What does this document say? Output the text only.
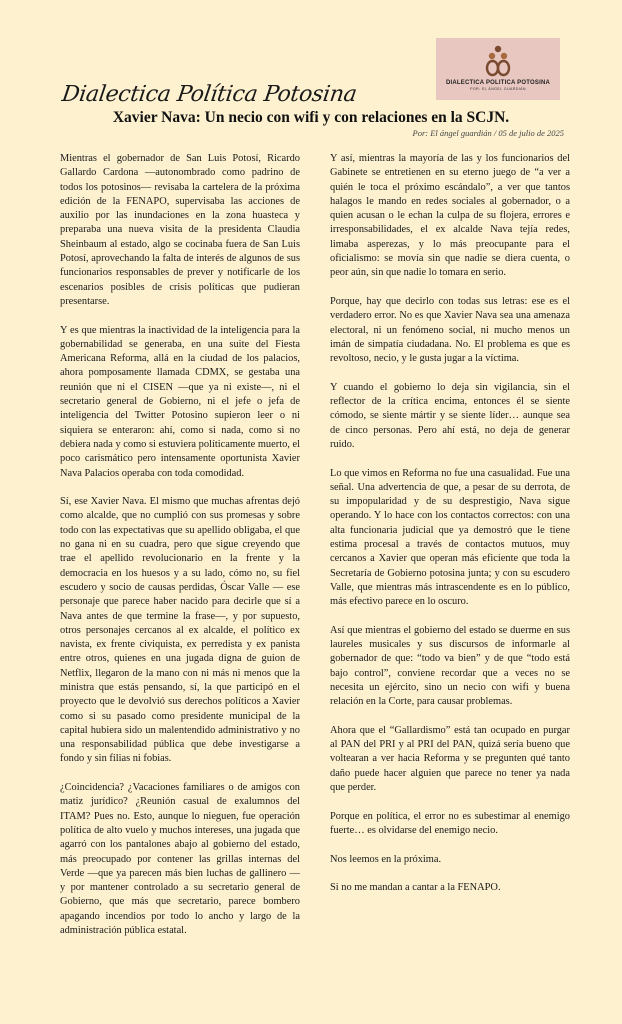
Dialectica Política Potosina	DIALECTICA POLITICA POTOSINA
POR: EL ÁNGEL GUARDIÁN
Xavier Nava: Un necio con wifi y con relaciones en la SCJN.
Por: El ángel guardián / 05 de julio de 2025

Mientras el gobernador de San Luis Potosí, Ricardo Gallardo Cardona —autonombrado como padrino de todos los potosinos— revisaba la cartelera de la próxima edición de la FENAPO, supervisaba las acciones de auxilio por las inundaciones en la zona huasteca y preparaba una nueva visita de la presidenta Claudia Sheinbaum al estado, algo se cocinaba fuera de San Luis Potosí, aprovechando la falta de interés de algunos de sus funcionarios responsables de prever y notificarle de los escenarios posibles de crisis políticas que pudieran presentarse.

Y es que mientras la inactividad de la inteligencia para la gobernabilidad se generaba, en una suite del Fiesta Americana Reforma, allá en la ciudad de los palacios, ahora pomposamente llamada CDMX, se gestaba una reunión que ni el CISEN —que ya ni existe—, ni el secretario general de Gobierno, ni el jefe o jefa de inteligencia del Twitter Potosino supieron leer o ni siquiera se enteraron: ahí, como si nada, como si no debiera nada y como si estuviera políticamente muerto, el poco carismático pero intensamente oportunista Xavier Nava Palacios operaba con toda comodidad.

Sí, ese Xavier Nava. El mismo que muchas afrentas dejó como alcalde, que no cumplió con sus promesas y sobre todo con las expectativas que su apellido obligaba, el que no gana ni en su cuadra, pero que sigue creyendo que trae el apellido revolucionario en la frente y la democracia en los huesos y a su lado, cómo no, su fiel escudero y socio de causas perdidas, Óscar Valle — ese personaje que parece haber nacido para decirle que sí a Nava antes de que termine la frase—, y por supuesto, otros personajes cercanos al ex alcalde, el político ex navista, ex frente civiquista, ex perredista y ex panista entre otros, quienes en una jugada digna de guion de Netflix, llegaron de la mano con ni más ni menos que la ministra que estás pensando, sí, la que participó en el proyecto que le devolvió sus derechos políticos a Xavier como si su pasado como presidente municipal de la capital hubiera sido un malentendido administrativo y no una responsabilidad pública que debe investigarse a fondo y sin filias ni fobias.

¿Coincidencia? ¿Vacaciones familiares o de amigos con matiz jurídico? ¿Reunión casual de exalumnos del ITAM? Pues no. Esto, aunque lo nieguen, fue operación política de alto vuelo y muchos intereses, una jugada que agarró con los pantalones abajo al gobierno del estado, más preocupado por contener las grillas internas del Verde —que ya parecen más bien luchas de gallinero — y por mantener controlado a su secretario general de Gobierno, que más que secretario, parece bombero apagando incendios por todo lo ancho y largo de la administración pública estatal.

Y así, mientras la mayoría de las y los funcionarios del Gabinete se entretienen en su eterno juego de “a ver a quién le toca el próximo escándalo”, a ver que tantos halagos le mando en redes sociales al gobernador, o a quien acusan o le echan la culpa de su flojera, errores e irresponsabilidades, el ex alcalde Nava tejía redes, limaba asperezas, y lo más preocupante para el oficialismo: se movía sin que nadie se diera cuenta, o peor aún, sin que nadie lo tomara en serio.

Porque, hay que decirlo con todas sus letras: ese es el verdadero error. No es que Xavier Nava sea una amenaza electoral, ni un fenómeno social, ni mucho menos un imán de simpatía ciudadana. No. El problema es que es revoltoso, necio, y le gusta jugar a la víctima.

Y cuando el gobierno lo deja sin vigilancia, sin el reflector de la crítica encima, entonces él se siente cómodo, se siente mártir y se siente líder… aunque sea de cinco personas. Pero ahí está, no deja de generar ruido.

Lo que vimos en Reforma no fue una casualidad. Fue una señal. Una advertencia de que, a pesar de su derrota, de su impopularidad y de su desprestigio, Nava sigue operando. Y lo hace con los contactos correctos: con una alta funcionaria judicial que ya demostró que le tiene estima procesal a través de contactos mutuos, muy cercanos a Xavier que operan más eficiente que toda la Secretaría de Gobierno potosina junta; y con su escudero Valle, que mientras más intrascendente es en lo público, más efectivo parece en lo oscuro.

Así que mientras el gobierno del estado se duerme en sus laureles musicales y sus discursos de informarle al gobernador de que: “todo va bien” y de que “todo está bajo control”, conviene recordar que a veces no se necesita un ejército, sino un necio con wifi y buena relación en la Corte, para causar problemas.

Ahora que el “Gallardismo” está tan ocupado en purgar al PAN del PRI y al PRI del PAN, quizá sería bueno que voltearan a ver hacia Reforma y se pregunten qué tanto daño puede hacer alguien que parece no tener ya nada que perder.

Porque en política, el error no es subestimar al enemigo fuerte… es olvidarse del enemigo necio.

Nos leemos en la próxima.

Si no me mandan a cantar a la FENAPO.
